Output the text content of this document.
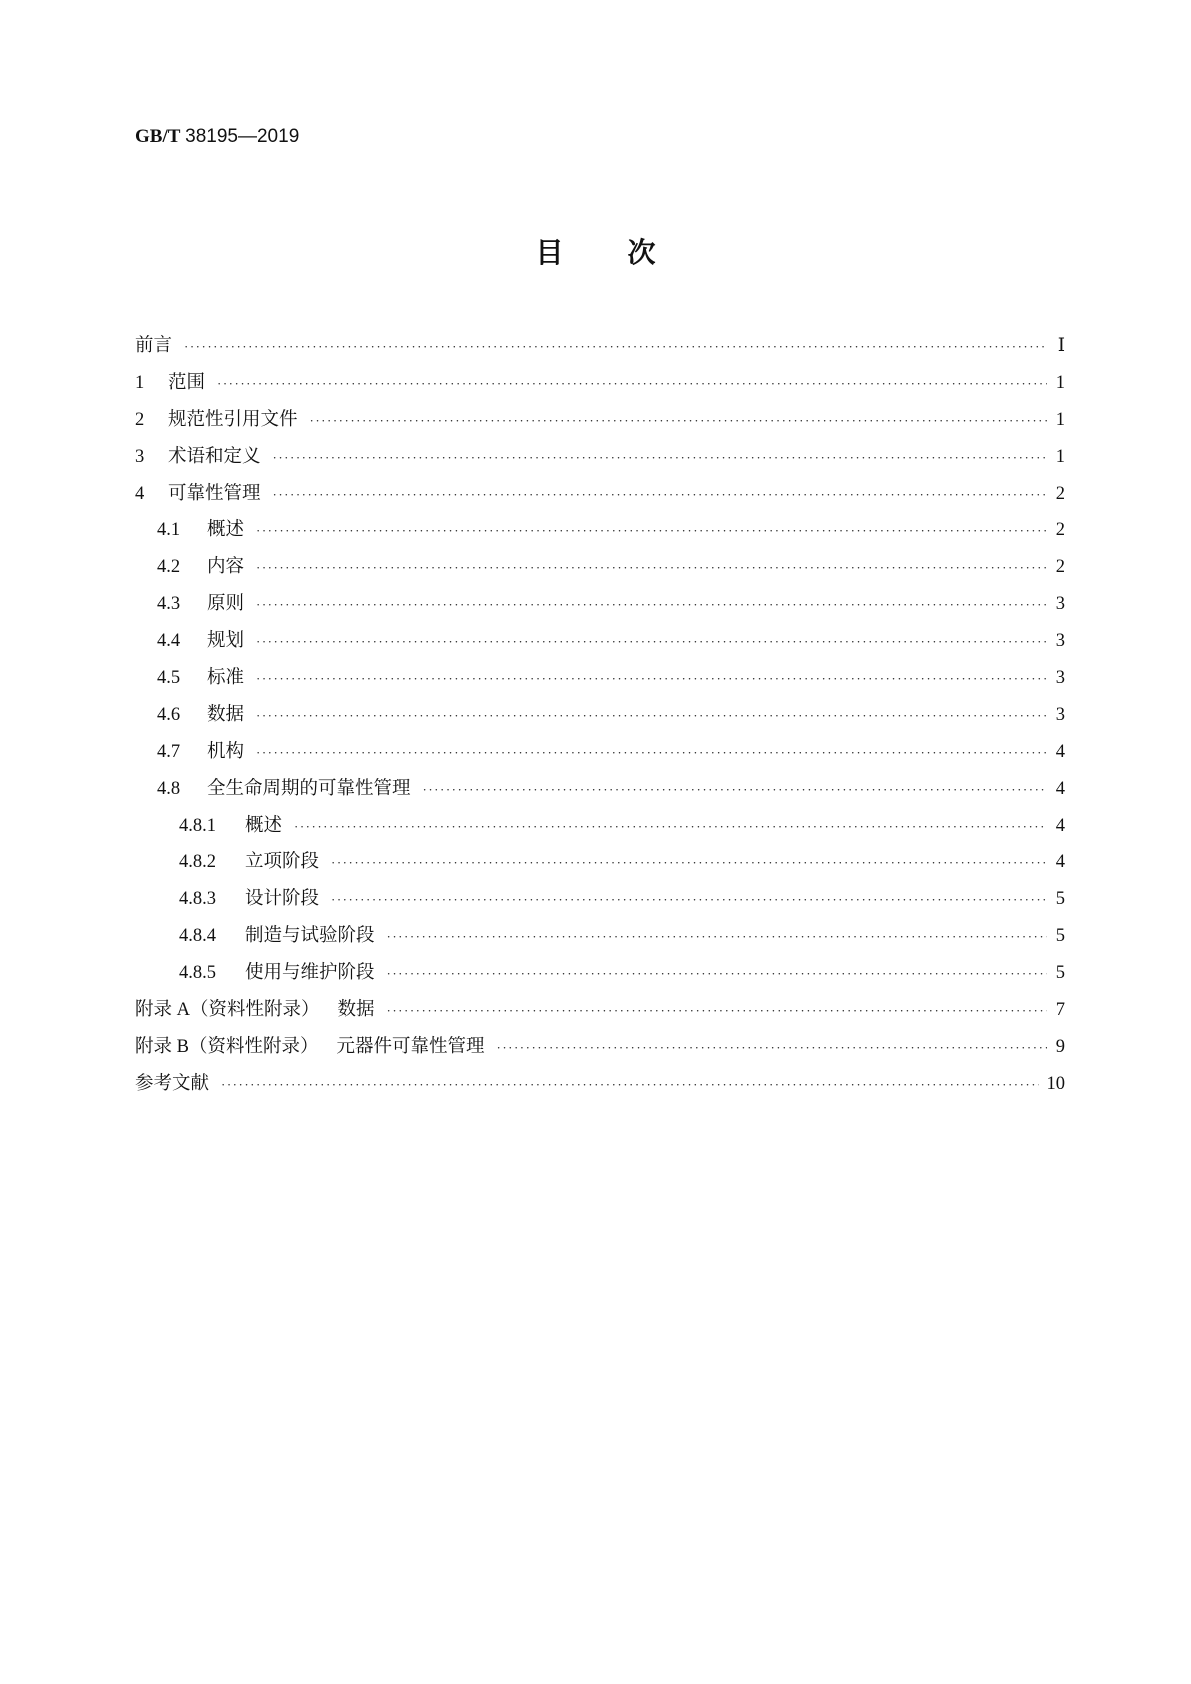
GB/T 38195—2019
目 次
前言 ·····	Ⅰ
1	范围 ·····	1
2	规范性引用文件 ·····	1
3	术语和定义 ·····	1
4	可靠性管理 ·····	2
4.1	概述 ·····	2
4.2	内容 ·····	2
4.3	原则 ·····	3
4.4	规划 ·····	3
4.5	标准 ·····	3
4.6	数据 ·····	3
4.7	机构 ·····	4
4.8	全生命周期的可靠性管理 ·····	4
4.8.1	概述 ·····	4
4.8.2	立项阶段 ·····	4
4.8.3	设计阶段 ·····	5
4.8.4	制造与试验阶段 ·····	5
4.8.5	使用与维护阶段 ·····	5
附录 A（资料性附录） 数据 ·····	7
附录 B（资料性附录） 元器件可靠性管理 ·····	9
参考文献 ·····	10
